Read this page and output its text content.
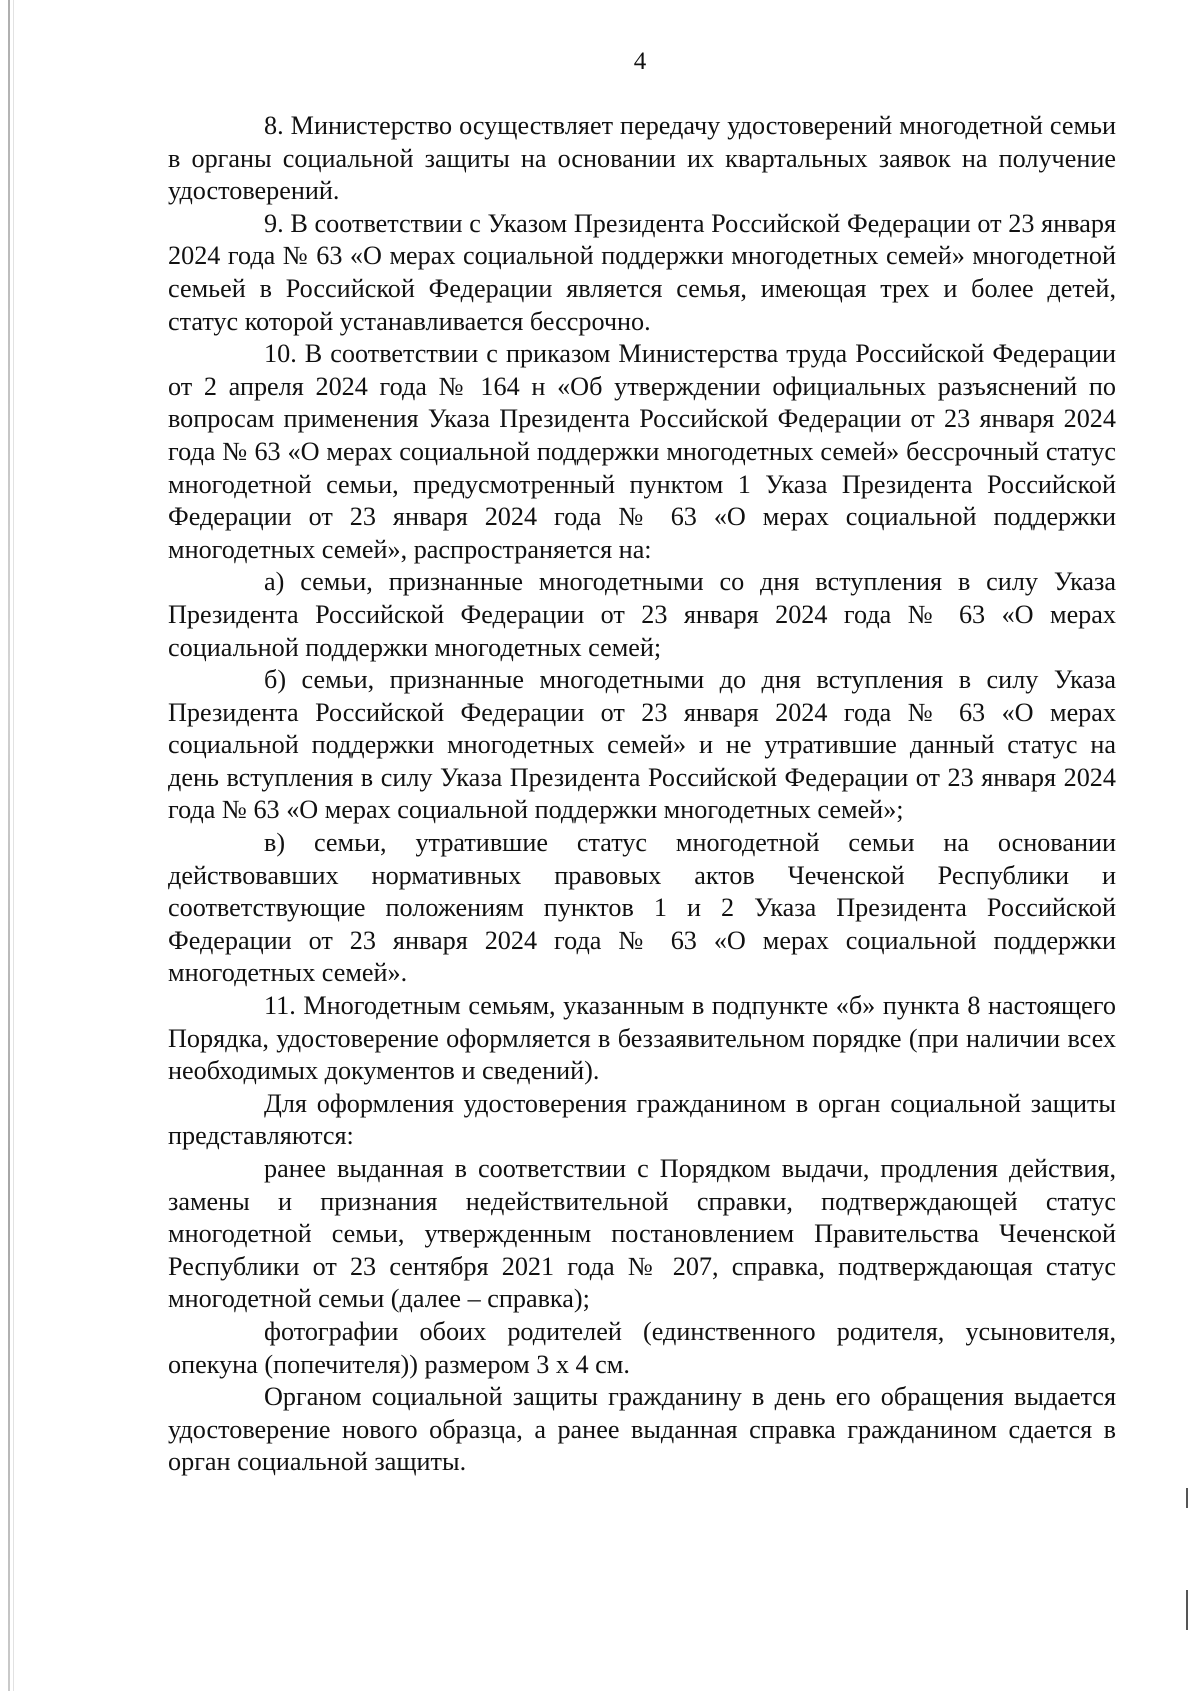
4

8. Министерство осуществляет передачу удостоверений многодетной семьи в органы социальной защиты на основании их квартальных заявок на получение удостоверений.

9. В соответствии с Указом Президента Российской Федерации от 23 января 2024 года № 63 «О мерах социальной поддержки многодетных семей» многодетной семьей в Российской Федерации является семья, имеющая трех и более детей, статус которой устанавливается бессрочно.

10. В соответствии с приказом Министерства труда Российской Федерации от 2 апреля 2024 года № 164 н «Об утверждении официальных разъяснений по вопросам применения Указа Президента Российской Федерации от 23 января 2024 года № 63 «О мерах социальной поддержки многодетных семей» бессрочный статус многодетной семьи, предусмотренный пунктом 1 Указа Президента Российской Федерации от 23 января 2024 года № 63 «О мерах социальной поддержки многодетных семей», распространяется на:

а) семьи, признанные многодетными со дня вступления в силу Указа Президента Российской Федерации от 23 января 2024 года № 63 «О мерах социальной поддержки многодетных семей;

б) семьи, признанные многодетными до дня вступления в силу Указа Президента Российской Федерации от 23 января 2024 года № 63 «О мерах социальной поддержки многодетных семей» и не утратившие данный статус на день вступления в силу Указа Президента Российской Федерации от 23 января 2024 года № 63 «О мерах социальной поддержки многодетных семей»;

в) семьи, утратившие статус многодетной семьи на основании действовавших нормативных правовых актов Чеченской Республики и соответствующие положениям пунктов 1 и 2 Указа Президента Российской Федерации от 23 января 2024 года № 63 «О мерах социальной поддержки многодетных семей».

11. Многодетным семьям, указанным в подпункте «б» пункта 8 настоящего Порядка, удостоверение оформляется в беззаявительном порядке (при наличии всех необходимых документов и сведений).

Для оформления удостоверения гражданином в орган социальной защиты представляются:

ранее выданная в соответствии с Порядком выдачи, продления действия, замены и признания недействительной справки, подтверждающей статус многодетной семьи, утвержденным постановлением Правительства Чеченской Республики от 23 сентября 2021 года № 207, справка, подтверждающая статус многодетной семьи (далее – справка);

фотографии обоих родителей (единственного родителя, усыновителя, опекуна (попечителя)) размером 3 х 4 см.

Органом социальной защиты гражданину в день его обращения выдается удостоверение нового образца, а ранее выданная справка гражданином сдается в орган социальной защиты.
